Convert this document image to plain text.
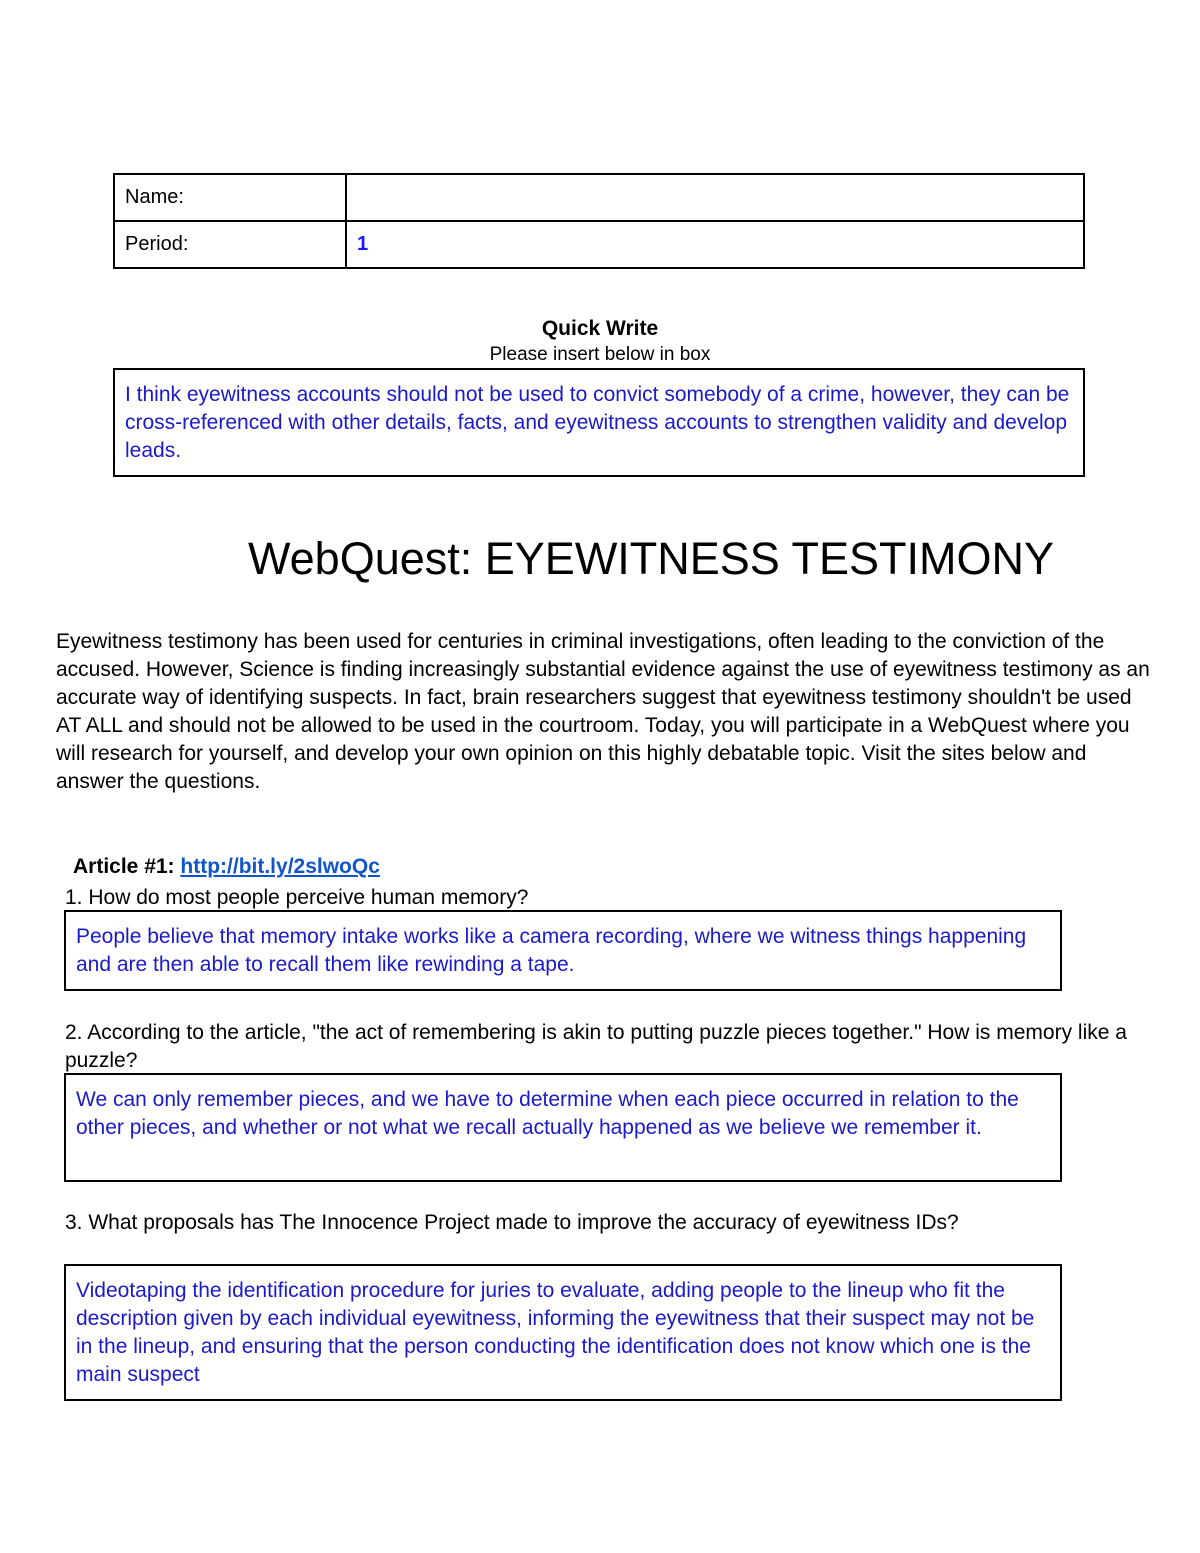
Name:	
Period:	1
Quick Write
Please insert below in box
I think eyewitness accounts should not be used to convict somebody of a crime, however, they can be cross-referenced with other details, facts, and eyewitness accounts to strengthen validity and develop leads.
WebQuest: EYEWITNESS TESTIMONY
Eyewitness testimony has been used for centuries in criminal investigations, often leading to the conviction of the accused. However, Science is finding increasingly substantial evidence against the use of eyewitness testimony as an accurate way of identifying suspects. In fact, brain researchers suggest that eyewitness testimony shouldn't be used AT ALL and should not be allowed to be used in the courtroom. Today, you will participate in a WebQuest where you will research for yourself, and develop your own opinion on this highly debatable topic. Visit the sites below and answer the questions.
Article #1: http://bit.ly/2slwoQc
1. How do most people perceive human memory?
People believe that memory intake works like a camera recording, where we witness things happening and are then able to recall them like rewinding a tape.
2. According to the article, "the act of remembering is akin to putting puzzle pieces together." How is memory like a puzzle?
We can only remember pieces, and we have to determine when each piece occurred in relation to the other pieces, and whether or not what we recall actually happened as we believe we remember it.
3. What proposals has The Innocence Project made to improve the accuracy of eyewitness IDs?
Videotaping the identification procedure for juries to evaluate, adding people to the lineup who fit the description given by each individual eyewitness, informing the eyewitness that their suspect may not be in the lineup, and ensuring that the person conducting the identification does not know which one is the main suspect
